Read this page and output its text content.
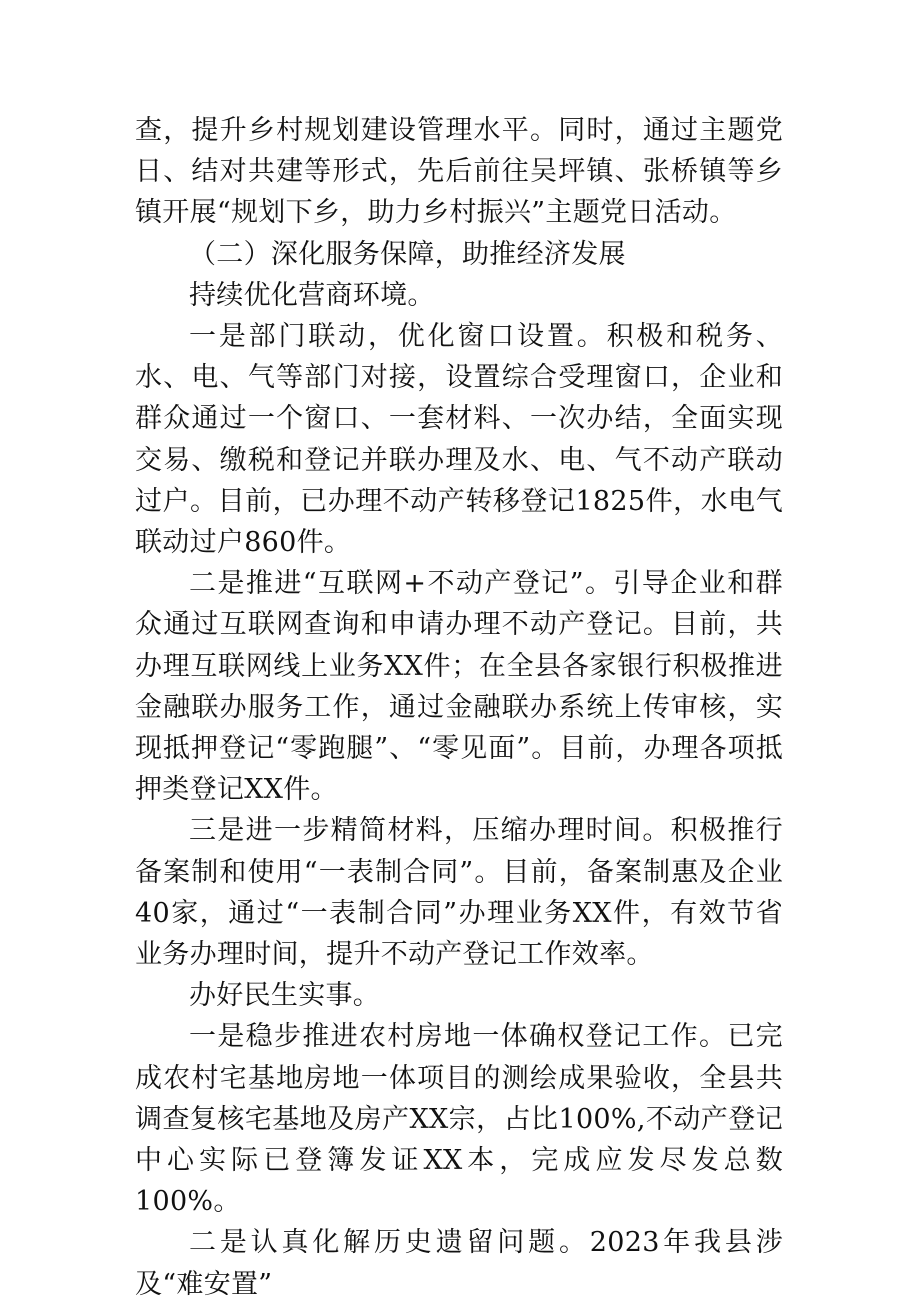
查，提升乡村规划建设管理水平。同时，通过主题党日、结对共建等形式，先后前往吴坪镇、张桥镇等乡镇开展“规划下乡，助力乡村振兴”主题党日活动。

（二）深化服务保障，助推经济发展

持续优化营商环境。

一是部门联动，优化窗口设置。积极和税务、水、电、气等部门对接，设置综合受理窗口，企业和群众通过一个窗口、一套材料、一次办结，全面实现交易、缴税和登记并联办理及水、电、气不动产联动过户。目前，已办理不动产转移登记1825件，水电气联动过户860件。

二是推进“互联网+不动产登记”。引导企业和群众通过互联网查询和申请办理不动产登记。目前，共办理互联网线上业务XX件；在全县各家银行积极推进金融联办服务工作，通过金融联办系统上传审核，实现抵押登记“零跑腿”、“零见面”。目前，办理各项抵押类登记XX件。

三是进一步精简材料，压缩办理时间。积极推行备案制和使用“一表制合同”。目前，备案制惠及企业40家，通过“一表制合同”办理业务XX件，有效节省业务办理时间，提升不动产登记工作效率。

办好民生实事。

一是稳步推进农村房地一体确权登记工作。已完成农村宅基地房地一体项目的测绘成果验收，全县共调查复核宅基地及房产XX宗，占比100%,不动产登记中心实际已登簿发证XX本，完成应发尽发总数100%。

二是认真化解历史遗留问题。2023年我县涉及“难安置”
